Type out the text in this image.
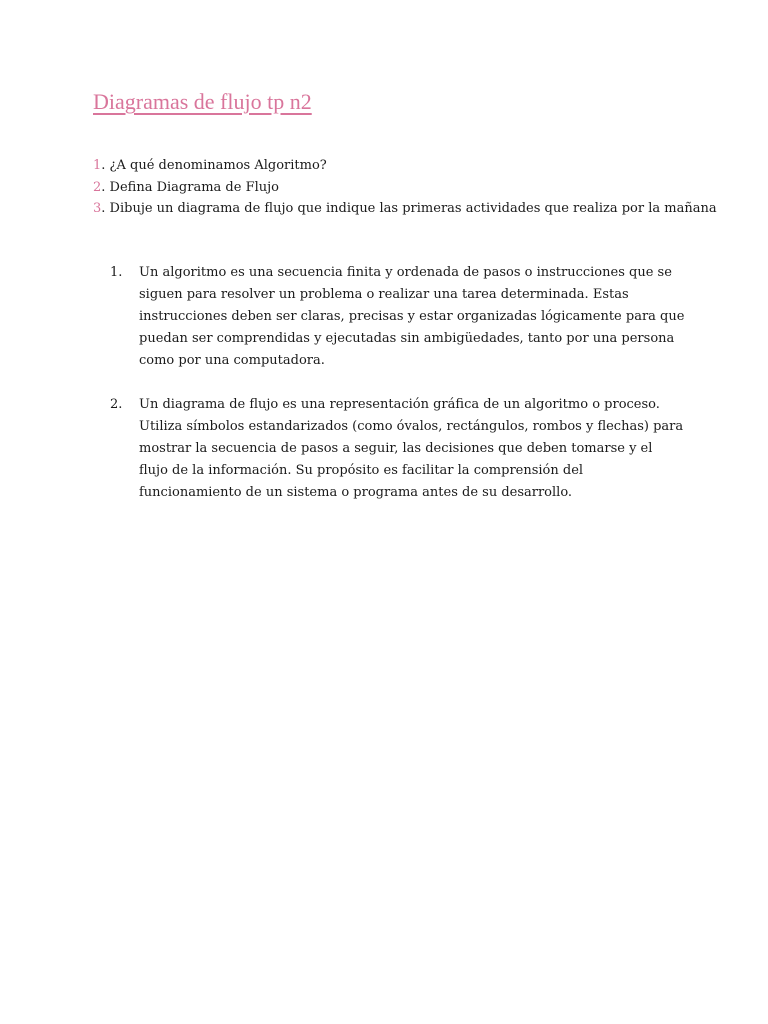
Diagramas de flujo tp n2
1. ¿A qué denominamos Algoritmo?
2. Defina Diagrama de Flujo
3. Dibuje un diagrama de flujo que indique las primeras actividades que realiza por la mañana
1.	Un algoritmo es una secuencia finita y ordenada de pasos o instrucciones que se siguen para resolver un problema o realizar una tarea determinada. Estas instrucciones deben ser claras, precisas y estar organizadas lógicamente para que puedan ser comprendidas y ejecutadas sin ambigüedades, tanto por una persona como por una computadora.
2.	Un diagrama de flujo es una representación gráfica de un algoritmo o proceso. Utiliza símbolos estandarizados (como óvalos, rectángulos, rombos y flechas) para mostrar la secuencia de pasos a seguir, las decisiones que deben tomarse y el flujo de la información. Su propósito es facilitar la comprensión del funcionamiento de un sistema o programa antes de su desarrollo.
